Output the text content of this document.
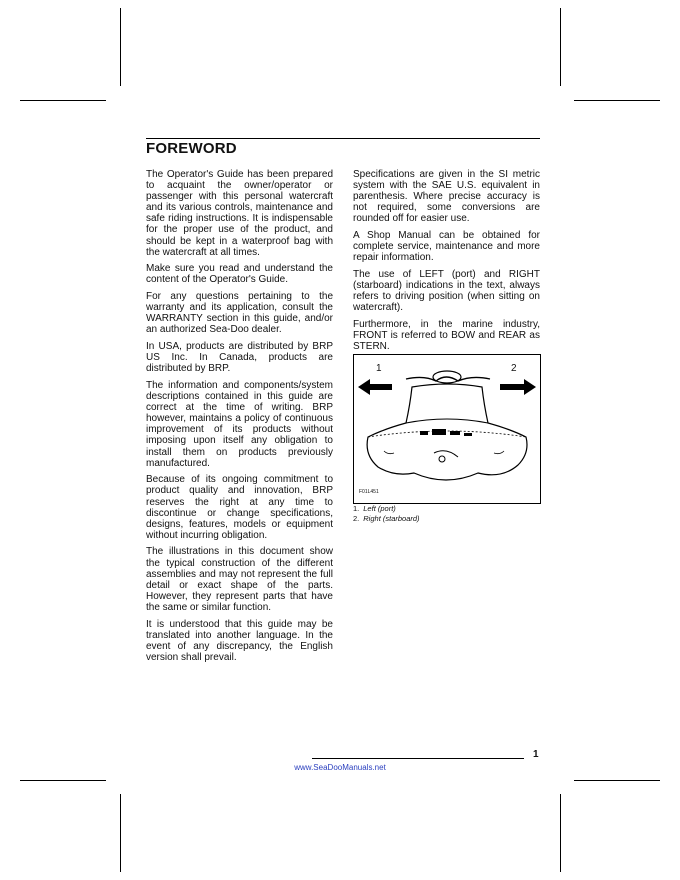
FOREWORD

The Operator's Guide has been prepared to acquaint the owner/operator or passenger with this personal watercraft and its various controls, maintenance and safe riding instructions. It is indispensable for the proper use of the product, and should be kept in a waterproof bag with the watercraft at all times.

Make sure you read and understand the content of the Operator's Guide.

For any questions pertaining to the warranty and its application, consult the WARRANTY section in this guide, and/or an authorized Sea-Doo dealer.

In USA, products are distributed by BRP US Inc. In Canada, products are distributed by BRP.

The information and components/system descriptions contained in this guide are correct at the time of writing. BRP however, maintains a policy of continuous improvement of its products without imposing upon itself any obligation to install them on products previously manufactured.

Because of its ongoing commitment to product quality and innovation, BRP reserves the right at any time to discontinue or change specifications, designs, features, models or equipment without incurring obligation.

The illustrations in this document show the typical construction of the different assemblies and may not represent the full detail or exact shape of the parts. However, they represent parts that have the same or similar function.

It is understood that this guide may be translated into another language. In the event of any discrepancy, the English version shall prevail.

Specifications are given in the SI metric system with the SAE U.S. equivalent in parenthesis. Where precise accuracy is not required, some conversions are rounded off for easier use.

A Shop Manual can be obtained for complete service, maintenance and more repair information.

The use of LEFT (port) and RIGHT (starboard) indications in the text, always refers to driving position (when sitting on watercraft).

Furthermore, in the marine industry, FRONT is referred to BOW and REAR as STERN.

1	2
F01L451
1. Left (port)
2. Right (starboard)
1
www.SeaDooManuals.net
